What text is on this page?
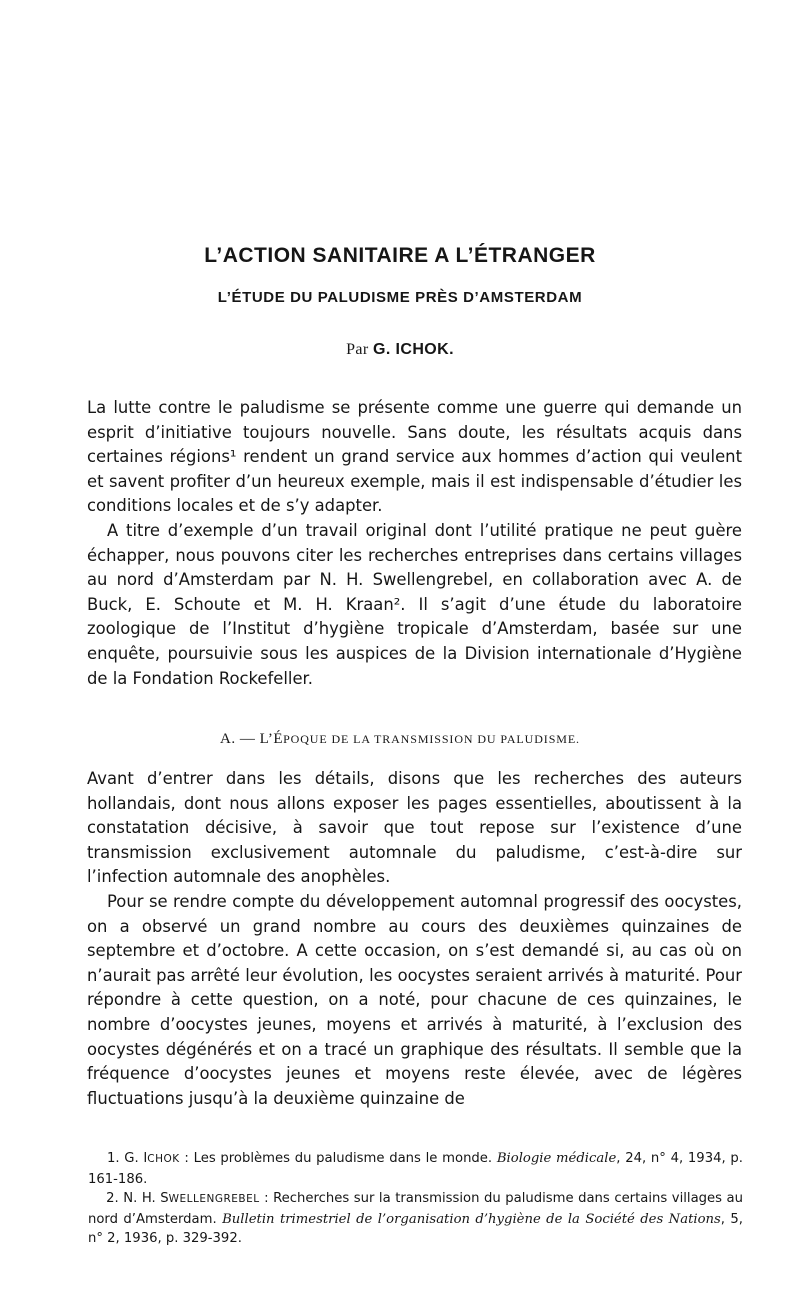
L’ACTION SANITAIRE A L’ÉTRANGER
L’ÉTUDE DU PALUDISME PRÈS D’AMSTERDAM
Par G. ICHOK.

La lutte contre le paludisme se présente comme une guerre qui demande un esprit d’initiative toujours nouvelle. Sans doute, les résultats acquis dans certaines régions¹ rendent un grand service aux hommes d’action qui veulent et savent profiter d’un heureux exemple, mais il est indispensable d’étudier les conditions locales et de s’y adapter.

A titre d’exemple d’un travail original dont l’utilité pratique ne peut guère échapper, nous pouvons citer les recherches entreprises dans certains villages au nord d’Amsterdam par N. H. Swellengrebel, en collaboration avec A. de Buck, E. Schoute et M. H. Kraan². Il s’agit d’une étude du laboratoire zoologique de l’Institut d’hygiène tropicale d’Amsterdam, basée sur une enquête, poursuivie sous les auspices de la Division internationale d’Hygiène de la Fondation Rockefeller.

A. — L’ÉPOQUE DE LA TRANSMISSION DU PALUDISME.

Avant d’entrer dans les détails, disons que les recherches des auteurs hollandais, dont nous allons exposer les pages essentielles, aboutissent à la constatation décisive, à savoir que tout repose sur l’existence d’une transmission exclusivement automnale du paludisme, c’est-à-dire sur l’infection automnale des anophèles.

Pour se rendre compte du développement automnal progressif des oocystes, on a observé un grand nombre au cours des deuxièmes quinzaines de septembre et d’octobre. A cette occasion, on s’est demandé si, au cas où on n’aurait pas arrêté leur évolution, les oocystes seraient arrivés à maturité. Pour répondre à cette question, on a noté, pour chacune de ces quinzaines, le nombre d’oocystes jeunes, moyens et arrivés à maturité, à l’exclusion des oocystes dégénérés et on a tracé un graphique des résultats. Il semble que la fréquence d’oocystes jeunes et moyens reste élevée, avec de légères fluctuations jusqu’à la deuxième quinzaine de

1. G. ICHOK : Les problèmes du paludisme dans le monde. Biologie médicale, 24, n° 4, 1934, p. 161-186.

2. N. H. SWELLENGREBEL : Recherches sur la transmission du paludisme dans certains villages au nord d’Amsterdam. Bulletin trimestriel de l’organisation d’hygiène de la Société des Nations, 5, n° 2, 1936, p. 329-392.
